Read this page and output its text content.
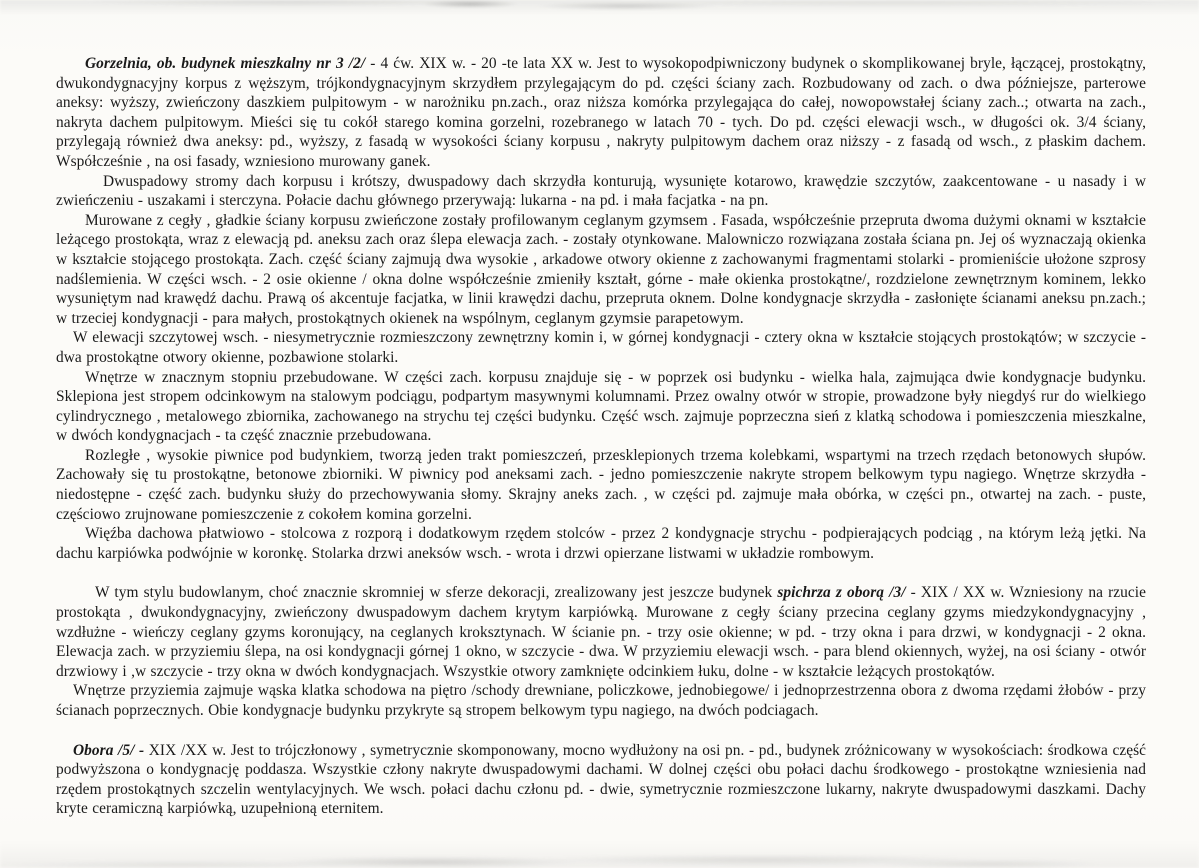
Gorzelnia, ob. budynek mieszkalny nr 3 /2/ - 4 ćw. XIX w. - 20 -te lata XX w. Jest to wysokopodpiwniczony budynek o skomplikowanej bryle, łączącej, prostokątny, dwukondygnacyjny korpus z węższym, trójkondygnacyjnym skrzydłem przylegającym do pd. części ściany zach. Rozbudowany od zach. o dwa późniejsze, parterowe aneksy: wyższy, zwieńczony daszkiem pulpitowym - w narożniku pn.zach., oraz niższa komórka przylegająca do całej, nowopowstałej ściany zach..; otwarta na zach., nakryta dachem pulpitowym. Mieści się tu cokół starego komina gorzelni, rozebranego w latach 70 - tych. Do pd. części elewacji wsch., w długości ok. 3/4 ściany, przylegają również dwa aneksy: pd., wyższy, z fasadą w wysokości ściany korpusu , nakryty pulpitowym dachem oraz niższy - z fasadą od wsch., z płaskim dachem. Współcześnie , na osi fasady, wzniesiono murowany ganek.

Dwuspadowy stromy dach korpusu i krótszy, dwuspadowy dach skrzydła konturują, wysunięte kotarowo, krawędzie szczytów, zaakcentowane - u nasady i w zwieńczeniu - uszakami i sterczyna. Połacie dachu głównego przerywają: lukarna - na pd. i mała facjatka - na pn.

Murowane z cegły , gładkie ściany korpusu zwieńczone zostały profilowanym ceglanym gzymsem . Fasada, współcześnie przepruta dwoma dużymi oknami w kształcie leżącego prostokąta, wraz z elewacją pd. aneksu zach oraz ślepa elewacja zach. - zostały otynkowane. Malowniczo rozwiązana została ściana pn. Jej oś wyznaczają okienka w kształcie stojącego prostokąta. Zach. część ściany zajmują dwa wysokie , arkadowe otwory okienne z zachowanymi fragmentami stolarki - promieniście ułożone szprosy nadślemienia. W części wsch. - 2 osie okienne / okna dolne współcześnie zmieniły kształt, górne - małe okienka prostokątne/, rozdzielone zewnętrznym kominem, lekko wysuniętym nad krawędź dachu. Prawą oś akcentuje facjatka, w linii krawędzi dachu, przepruta oknem. Dolne kondygnacje skrzydła - zasłonięte ścianami aneksu pn.zach.; w trzeciej kondygnacji - para małych, prostokątnych okienek na wspólnym, ceglanym gzymsie parapetowym.

W elewacji szczytowej wsch. - niesymetrycznie rozmieszczony zewnętrzny komin i, w górnej kondygnacji - cztery okna w kształcie stojących prostokątów; w szczycie - dwa prostokątne otwory okienne, pozbawione stolarki.

Wnętrze w znacznym stopniu przebudowane. W części zach. korpusu znajduje się - w poprzek osi budynku - wielka hala, zajmująca dwie kondygnacje budynku. Sklepiona jest stropem odcinkowym na stalowym podciągu, podpartym masywnymi kolumnami. Przez owalny otwór w stropie, prowadzone były niegdyś rur do wielkiego cylindrycznego , metalowego zbiornika, zachowanego na strychu tej części budynku. Część wsch. zajmuje poprzeczna sień z klatką schodowa i pomieszczenia mieszkalne, w dwóch kondygnacjach - ta część znacznie przebudowana.

Rozległe , wysokie piwnice pod budynkiem, tworzą jeden trakt pomieszczeń, przesklepionych trzema kolebkami, wspartymi na trzech rzędach betonowych słupów. Zachowały się tu prostokątne, betonowe zbiorniki. W piwnicy pod aneksami zach. - jedno pomieszczenie nakryte stropem belkowym typu nagiego. Wnętrze skrzydła - niedostępne - część zach. budynku służy do przechowywania słomy. Skrajny aneks zach. , w części pd. zajmuje mała obórka, w części pn., otwartej na zach. - puste, częściowo zrujnowane pomieszczenie z cokołem komina gorzelni.

Więźba dachowa płatwiowo - stolcowa z rozporą i dodatkowym rzędem stolców - przez 2 kondygnacje strychu - podpierających podciąg , na którym leżą jętki. Na dachu karpiówka podwójnie w koronkę. Stolarka drzwi aneksów wsch. - wrota i drzwi opierzane listwami w układzie rombowym.

W tym stylu budowlanym, choć znacznie skromniej w sferze dekoracji, zrealizowany jest jeszcze budynek spichrza z oborą /3/ - XIX / XX w. Wzniesiony na rzucie prostokąta , dwukondygnacyjny, zwieńczony dwuspadowym dachem krytym karpiówką. Murowane z cegły ściany przecina ceglany gzyms miedzykondygnacyjny , wzdłużne - wieńczy ceglany gzyms koronujący, na ceglanych kroksztynach. W ścianie pn. - trzy osie okienne; w pd. - trzy okna i para drzwi, w kondygnacji - 2 okna. Elewacja zach. w przyziemiu ślepa, na osi kondygnacji górnej 1 okno, w szczycie - dwa. W przyziemiu elewacji wsch. - para blend okiennych, wyżej, na osi ściany - otwór drzwiowy i ,w szczycie - trzy okna w dwóch kondygnacjach. Wszystkie otwory zamknięte odcinkiem łuku, dolne - w kształcie leżących prostokątów.

Wnętrze przyziemia zajmuje wąska klatka schodowa na piętro /schody drewniane, policzkowe, jednobiegowe/ i jednoprzestrzenna obora z dwoma rzędami żłobów - przy ścianach poprzecznych. Obie kondygnacje budynku przykryte są stropem belkowym typu nagiego, na dwóch podciagach.

Obora /5/ - XIX /XX w. Jest to trójczłonowy , symetrycznie skomponowany, mocno wydłużony na osi pn. - pd., budynek zróżnicowany w wysokościach: środkowa część podwyższona o kondygnację poddasza. Wszystkie człony nakryte dwuspadowymi dachami. W dolnej części obu połaci dachu środkowego - prostokątne wzniesienia nad rzędem prostokątnych szczelin wentylacyjnych. We wsch. połaci dachu członu pd. - dwie, symetrycznie rozmieszczone lukarny, nakryte dwuspadowymi daszkami. Dachy kryte ceramiczną karpiówką, uzupełnioną eternitem.
